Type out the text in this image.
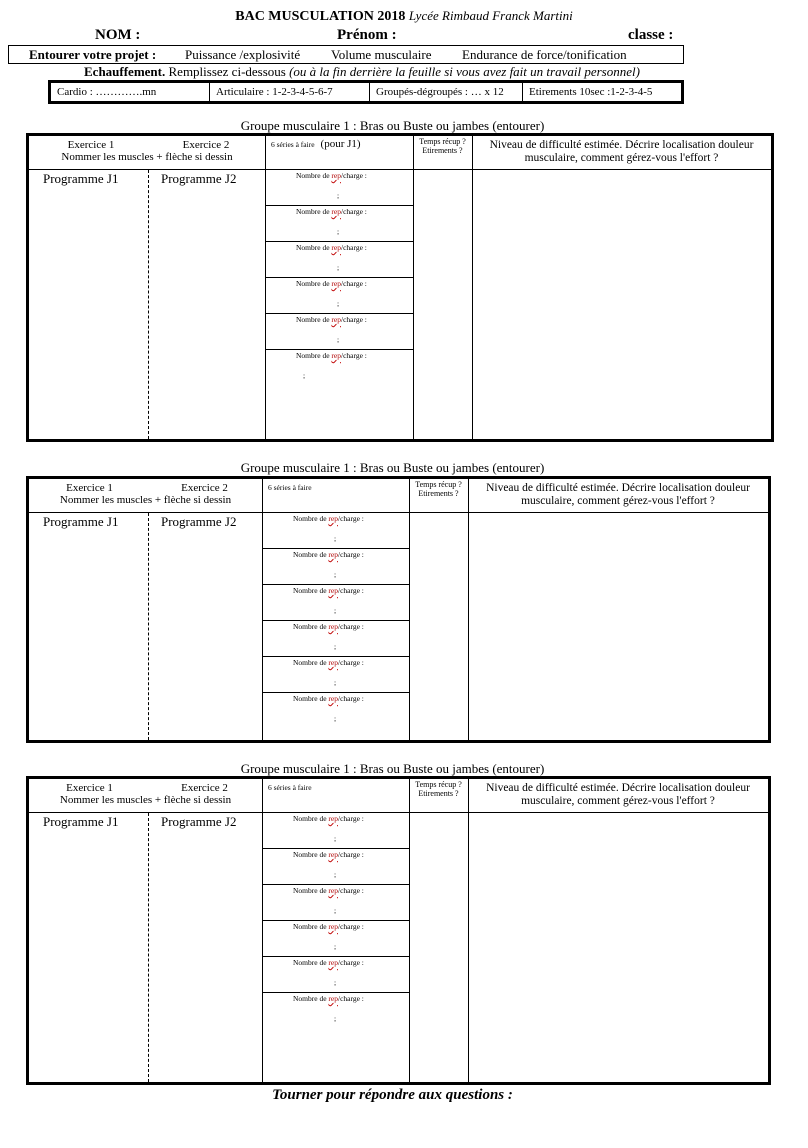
BAC MUSCULATION 2018 Lycée Rimbaud Franck Martini
NOM :	Prénom :	classe :
Entourer votre projet : Puissance /explosivité Volume musculaire Endurance de force/tonification
Echauffement. Remplissez ci-dessous (ou à la fin derrière la feuille si vous avez fait un travail personnel)
Cardio : ………….mn	Articulaire : 1-2-3-4-5-6-7	Groupés-dégroupés : … x 12	Etirements 10sec :1-2-3-4-5
Groupe musculaire 1 : Bras ou Buste ou jambes (entourer)
Exercice 1	Exercice 2
Nommer les muscles + flèche si dessin
6 séries à faire (pour J1)	Temps récup ? Etirements ?	Niveau de difficulté estimée. Décrire localisation douleur musculaire, comment gérez-vous l'effort ?
Programme J1	Programme J2	Nombre de rep/charge :
;
Nombre de rep/charge :
;
Nombre de rep/charge :
;
Nombre de rep/charge :
;
Nombre de rep/charge :
;
Nombre de rep/charge :
;
Groupe musculaire 1 : Bras ou Buste ou jambes (entourer)
Exercice 1	Exercice 2
Nommer les muscles + flèche si dessin
6 séries à faire	Temps récup ? Etirements ?	Niveau de difficulté estimée. Décrire localisation douleur musculaire, comment gérez-vous l'effort ?
Programme J1	Programme J2	Nombre de rep/charge :
;
Nombre de rep/charge :
;
Nombre de rep/charge :
;
Nombre de rep/charge :
;
Nombre de rep/charge :
;
Nombre de rep/charge :
;
Groupe musculaire 1 : Bras ou Buste ou jambes (entourer)
Exercice 1	Exercice 2
Nommer les muscles + flèche si dessin
6 séries à faire	Temps récup ? Etirements ?	Niveau de difficulté estimée. Décrire localisation douleur musculaire, comment gérez-vous l'effort ?
Programme J1	Programme J2	Nombre de rep/charge :
;
Nombre de rep/charge :
;
Nombre de rep/charge :
;
Nombre de rep/charge :
;
Nombre de rep/charge :
;
Nombre de rep/charge :
;
Tourner pour répondre aux questions :
